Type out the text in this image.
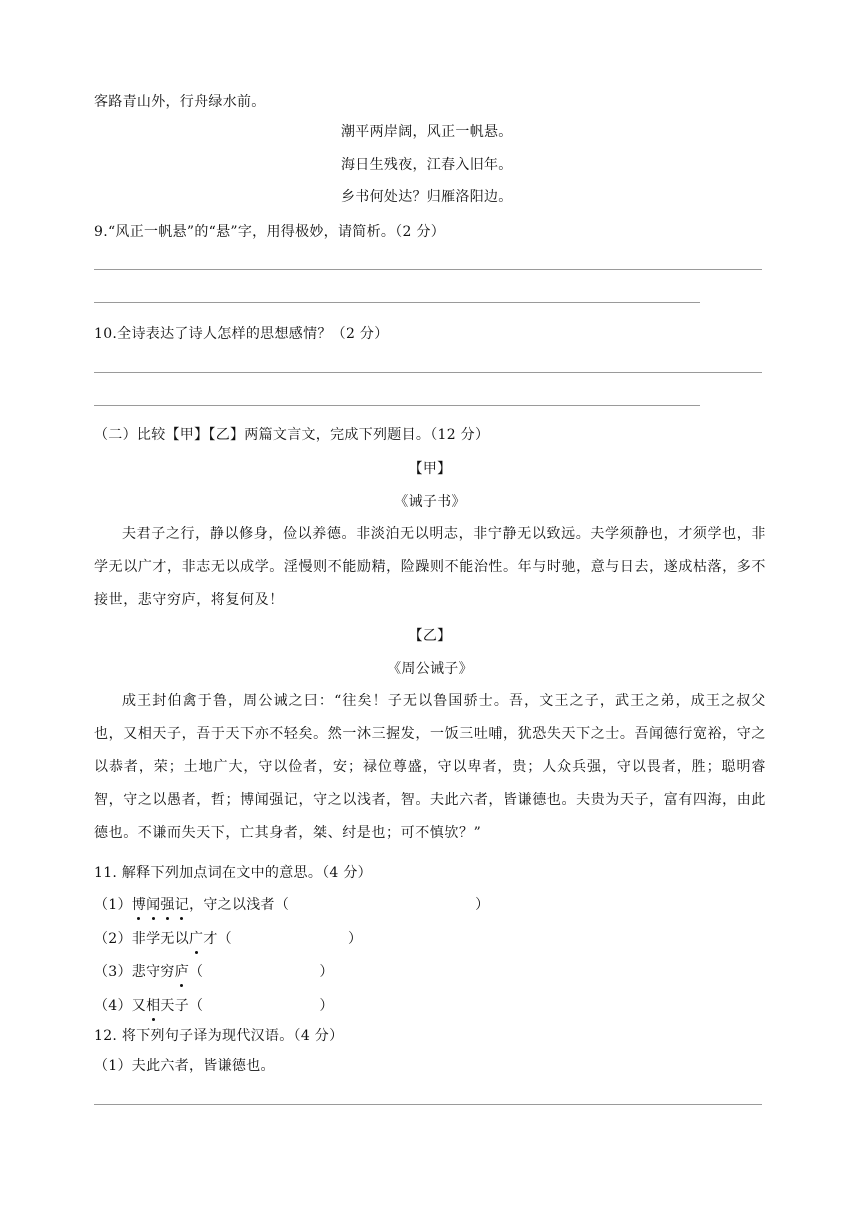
客路青山外，行舟绿水前。
潮平两岸阔，风正一帆悬。
海日生残夜，江春入旧年。
乡书何处达？归雁洛阳边。
9.“风正一帆悬”的“悬”字，用得极妙，请简析。（2 分）
10.全诗表达了诗人怎样的思想感情？（2 分）
（二）比较【甲】【乙】两篇文言文，完成下列题目。（12 分）
【甲】
《诫子书》
夫君子之行，静以修身，俭以养德。非淡泊无以明志，非宁静无以致远。夫学须静也，才须学也，非学无以广才，非志无以成学。淫慢则不能励精，险躁则不能治性。年与时驰，意与日去，遂成枯落，多不接世，悲守穷庐，将复何及！
【乙】
《周公诫子》
成王封伯禽于鲁，周公诫之曰：“往矣！子无以鲁国骄士。吾，文王之子，武王之弟，成王之叔父也，又相天子，吾于天下亦不轻矣。然一沐三握发，一饭三吐哺，犹恐失天下之士。吾闻德行宽裕，守之以恭者，荣；土地广大，守以俭者，安；禄位尊盛，守以卑者，贵；人众兵强，守以畏者，胜；聪明睿智，守之以愚者，哲；博闻强记，守之以浅者，智。夫此六者，皆谦德也。夫贵为天子，富有四海，由此德也。不谦而失天下，亡其身者，桀、纣是也；可不慎欤？”
11. 解释下列加点词在文中的意思。（4 分）
（1）博闻强记，守之以浅者（	）
（2）非学无以广才（	）
（3）悲守穷庐（	）
（4）又相天子（	）
12. 将下列句子译为现代汉语。（4 分）
（1）夫此六者，皆谦德也。
